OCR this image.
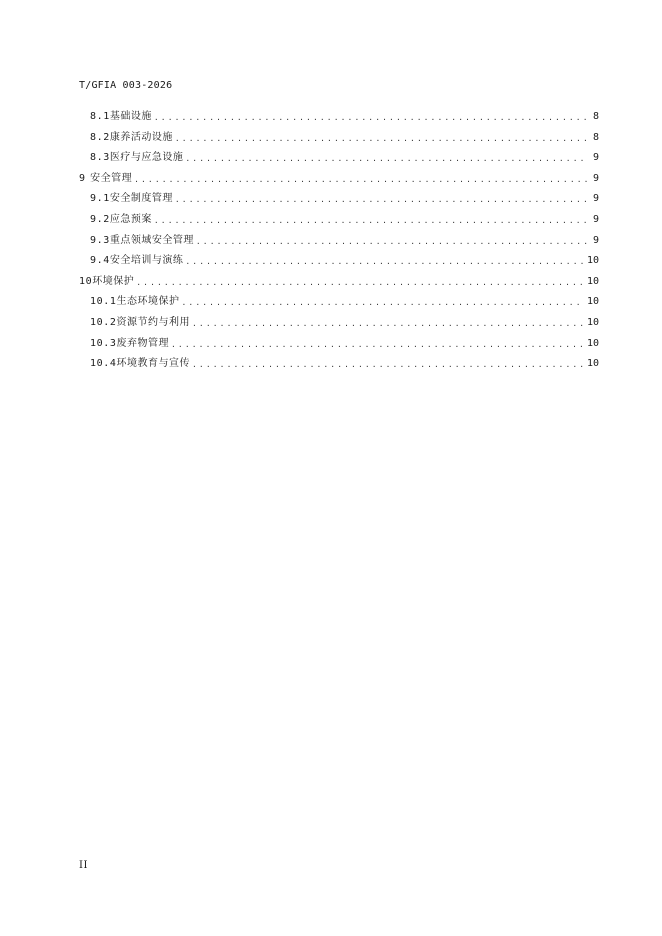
T/GFIA 003-2026
8.1 基础设施 .....	8
8.2 康养活动设施 .....	8
8.3 医疗与应急设施 .....	9
9 安全管理 .....	9
9.1 安全制度管理 .....	9
9.2 应急预案 .....	9
9.3 重点领域安全管理 .....	9
9.4 安全培训与演练 .....	10
10 环境保护 .....	10
10.1 生态环境保护 .....	10
10.2 资源节约与利用 .....	10
10.3 废弃物管理 .....	10
10.4 环境教育与宣传 .....	10
II
